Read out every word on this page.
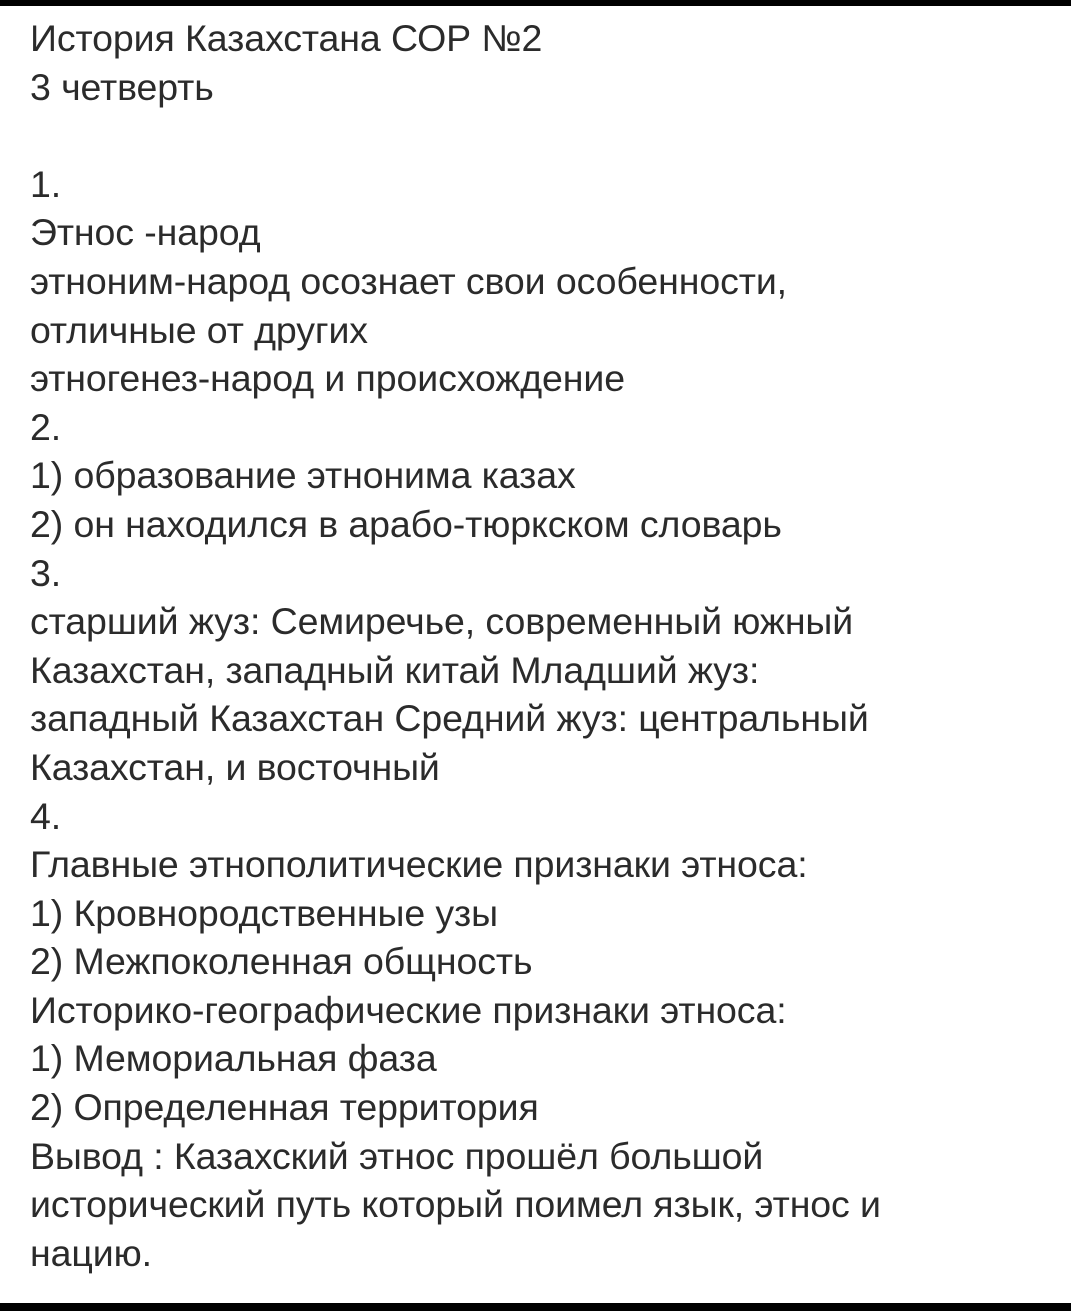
История Казахстана СОР №2

3 четверть

1.

Этнос -народ

этноним-народ осознает свои особенности,

отличные от других

этногенез-народ и происхождение

2.

1) образование этнонима казах

2) он находился в арабо-тюркском словарь

3.

старший жуз: Семиречье, современный южный

Казахстан, западный китай Младший жуз:

западный Казахстан Средний жуз: центральный

Казахстан, и восточный

4.

Главные этнополитические признаки этноса:

1) Кровнородственные узы

2) Межпоколенная общность

Историко-географические признаки этноса:

1) Мемориальная фаза

2) Определенная территория

Вывод : Казахский этнос прошёл большой

исторический путь который поимел язык, этнос и

нацию.
